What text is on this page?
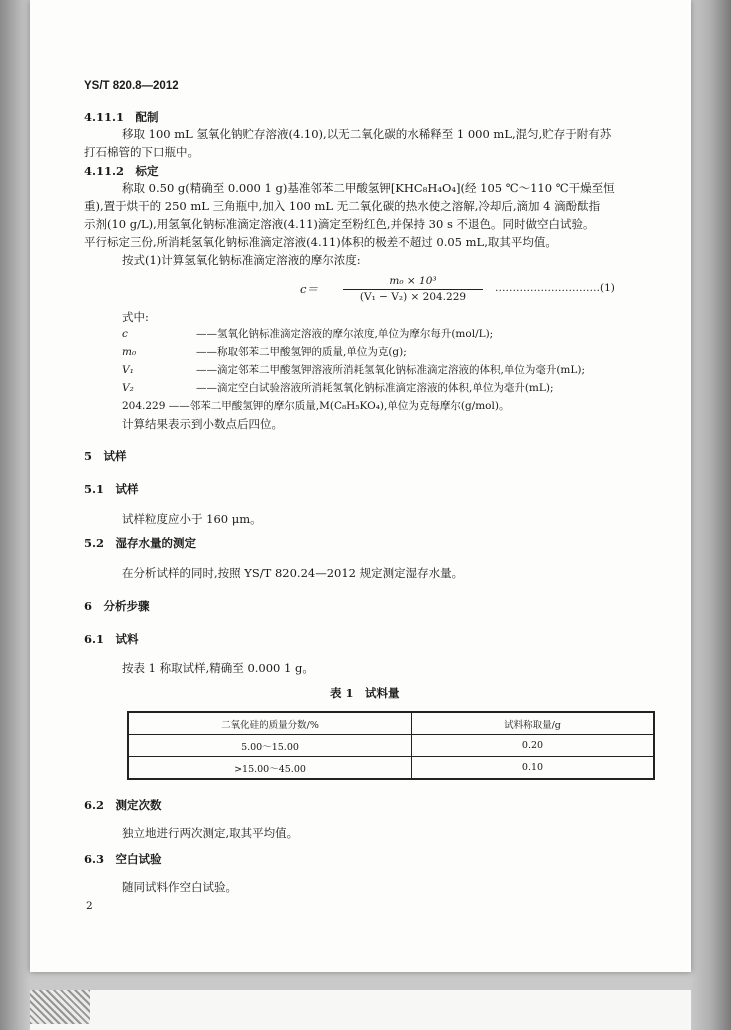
YS/T 820.8—2012
4.11.1　配制
移取 100 mL 氢氧化钠贮存溶液(4.10),以无二氧化碳的水稀释至 1 000 mL,混匀,贮存于附有苏
打石棉管的下口瓶中。
4.11.2　标定
称取 0.50 g(精确至 0.000 1 g)基准邻苯二甲酸氢钾[KHC₈H₄O₄](经 105 ℃～110 ℃干燥至恒
重),置于烘干的 250 mL 三角瓶中,加入 100 mL 无二氧化碳的热水使之溶解,冷却后,滴加 4 滴酚酞指
示剂(10 g/L),用氢氧化钠标准滴定溶液(4.11)滴定至粉红色,并保持 30 s 不退色。同时做空白试验。
平行标定三份,所消耗氢氧化钠标准滴定溶液(4.11)体积的极差不超过 0.05 mL,取其平均值。
按式(1)计算氢氧化钠标准滴定溶液的摩尔浓度:
c＝
m₀ × 10³
(V₁ − V₂) × 204.229
…………………………(1)
式中:
c	——氢氧化钠标准滴定溶液的摩尔浓度,单位为摩尔每升(mol/L);
m₀	——称取邻苯二甲酸氢钾的质量,单位为克(g);
V₁	——滴定邻苯二甲酸氢钾溶液所消耗氢氧化钠标准滴定溶液的体积,单位为毫升(mL);
V₂	——滴定空白试验溶液所消耗氢氧化钠标准滴定溶液的体积,单位为毫升(mL);
204.229 ——邻苯二甲酸氢钾的摩尔质量,M(C₈H₅KO₄),单位为克每摩尔(g/mol)。
计算结果表示到小数点后四位。
5　试样
5.1　试样
试样粒度应小于 160 μm。
5.2　湿存水量的测定
在分析试样的同时,按照 YS/T 820.24—2012 规定测定湿存水量。
6　分析步骤
6.1　试料
按表 1 称取试样,精确至 0.000 1 g。
表 1　试料量
二氧化硅的质量分数/%	试料称取量/g
5.00～15.00	0.20
>15.00～45.00	0.10
6.2　测定次数
独立地进行两次测定,取其平均值。
6.3　空白试验
随同试料作空白试验。
2
